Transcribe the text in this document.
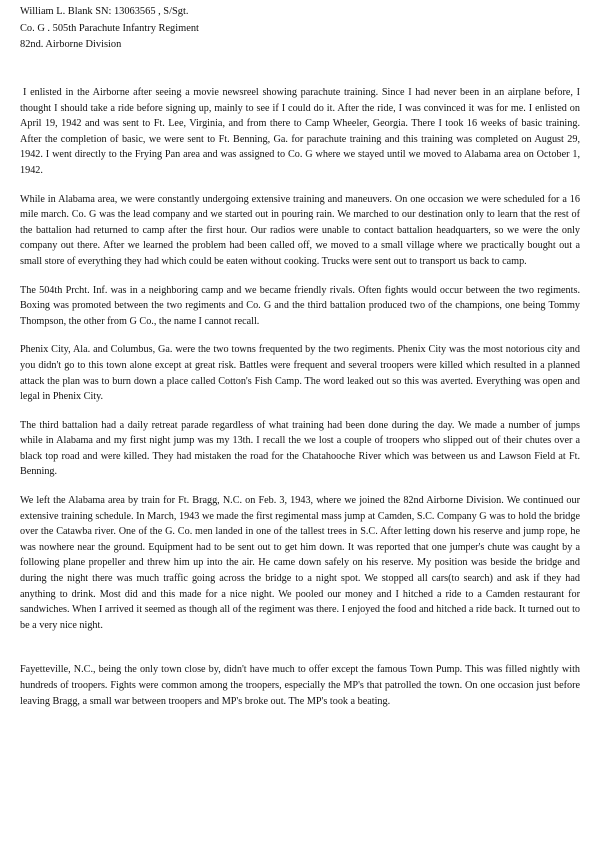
William L. Blank SN: 13063565 , S/Sgt.
Co. G . 505th Parachute Infantry Regiment
82nd. Airborne Division

I enlisted in the Airborne after seeing a movie newsreel showing parachute training. Since I had never been in an airplane before, I thought I should take a ride before signing up, mainly to see if I could do it. After the ride, I was convinced it was for me. I enlisted on April 19, 1942 and was sent to Ft. Lee, Virginia, and from there to Camp Wheeler, Georgia. There I took 16 weeks of basic training. After the completion of basic, we were sent to Ft. Benning, Ga. for parachute training and this training was completed on August 29, 1942. I went directly to the Frying Pan area and was assigned to Co. G where we stayed until we moved to Alabama area on October 1, 1942.

While in Alabama area, we were constantly undergoing extensive training and maneuvers. On one occasion we were scheduled for a 16 mile march. Co. G was the lead company and we started out in pouring rain. We marched to our destination only to learn that the rest of the battalion had returned to camp after the first hour. Our radios were unable to contact battalion headquarters, so we were the only company out there. After we learned the problem had been called off, we moved to a small village where we practically bought out a small store of everything they had which could be eaten without cooking. Trucks were sent out to transport us back to camp.

The 504th Prcht. Inf. was in a neighboring camp and we became friendly rivals. Often fights would occur between the two regiments. Boxing was promoted between the two regiments and Co. G and the third battalion produced two of the champions, one being Tommy Thompson, the other from G Co., the name I cannot recall.

Phenix City, Ala. and Columbus, Ga. were the two towns frequented by the two regiments. Phenix City was the most notorious city and you didn't go to this town alone except at great risk. Battles were frequent and several troopers were killed which resulted in a planned attack the plan was to burn down a place called Cotton's Fish Camp. The word leaked out so this was averted. Everything was open and legal in Phenix City.

The third battalion had a daily retreat parade regardless of what training had been done during the day. We made a number of jumps while in Alabama and my first night jump was my 13th. I recall the we lost a couple of troopers who slipped out of their chutes over a black top road and were killed. They had mistaken the road for the Chatahooche River which was between us and Lawson Field at Ft. Benning.

We left the Alabama area by train for Ft. Bragg, N.C. on Feb. 3, 1943, where we joined the 82nd Airborne Division. We continued our extensive training schedule. In March, 1943 we made the first regimental mass jump at Camden, S.C. Company G was to hold the bridge over the Catawba river. One of the G. Co. men landed in one of the tallest trees in S.C. After letting down his reserve and jump rope, he was nowhere near the ground. Equipment had to be sent out to get him down. It was reported that one jumper's chute was caught by a following plane propeller and threw him up into the air. He came down safely on his reserve. My position was beside the bridge and during the night there was much traffic going across the bridge to a night spot. We stopped all cars(to search) and ask if they had anything to drink. Most did and this made for a nice night. We pooled our money and I hitched a ride to a Camden restaurant for sandwiches. When I arrived it seemed as though all of the regiment was there. I enjoyed the food and hitched a ride back. It turned out to be a very nice night.

Fayetteville, N.C., being the only town close by, didn't have much to offer except the famous Town Pump. This was filled nightly with hundreds of troopers. Fights were common among the troopers, especially the MP's that patrolled the town. On one occasion just before leaving Bragg, a small war between troopers and MP's broke out. The MP's took a beating.
